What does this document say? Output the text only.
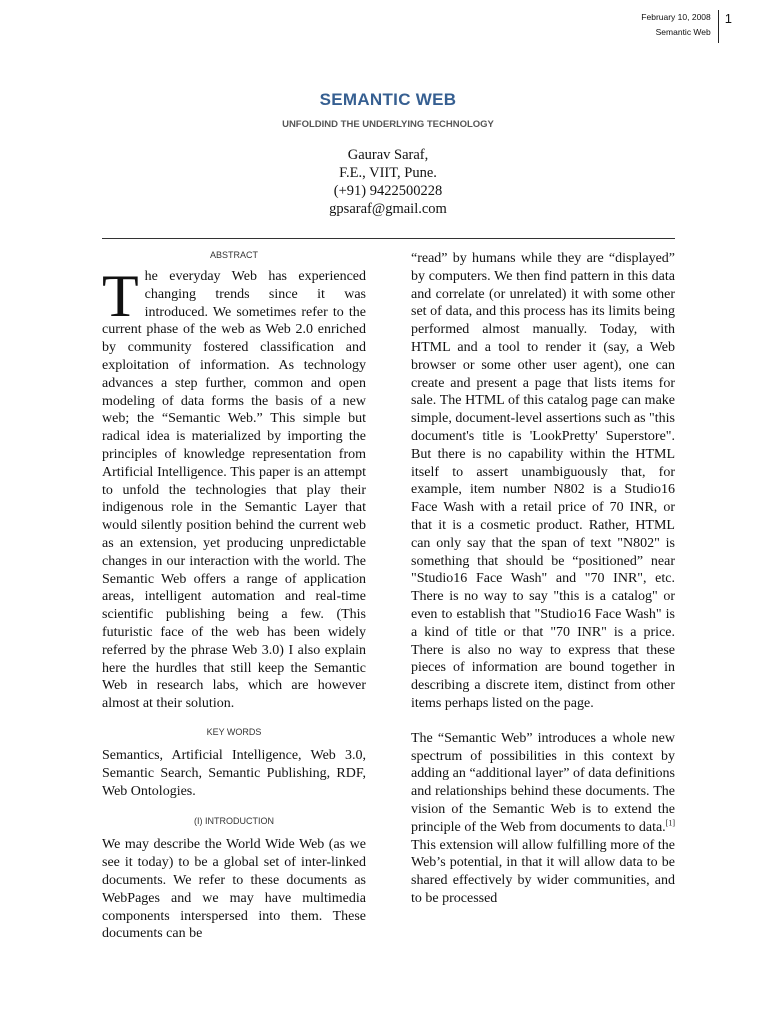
February 10, 2008
Semantic Web
1
SEMANTIC WEB
UNFOLDIND THE UNDERLYING TECHNOLOGY
Gaurav Saraf,
F.E., VIIT, Pune.
(+91) 9422500228
gpsaraf@gmail.com
ABSTRACT

The everyday Web has experienced changing trends since it was introduced. We sometimes refer to the current phase of the web as Web 2.0 enriched by community fostered classification and exploitation of information. As technology advances a step further, common and open modeling of data forms the basis of a new web; the “Semantic Web.” This simple but radical idea is materialized by importing the principles of knowledge representation from Artificial Intelligence. This paper is an attempt to unfold the technologies that play their indigenous role in the Semantic Layer that would silently position behind the current web as an extension, yet producing unpredictable changes in our interaction with the world. The Semantic Web offers a range of application areas, intelligent automation and real-time scientific publishing being a few. (This futuristic face of the web has been widely referred by the phrase Web 3.0) I also explain here the hurdles that still keep the Semantic Web in research labs, which are however almost at their solution.

KEY WORDS

Semantics, Artificial Intelligence, Web 3.0, Semantic Search, Semantic Publishing, RDF, Web Ontologies.

(I) INTRODUCTION

We may describe the World Wide Web (as we see it today) to be a global set of inter-linked documents. We refer to these documents as WebPages and we may have multimedia components interspersed into them. These documents can be

“read” by humans while they are “displayed” by computers. We then find pattern in this data and correlate (or unrelated) it with some other set of data, and this process has its limits being performed almost manually. Today, with HTML and a tool to render it (say, a Web browser or some other user agent), one can create and present a page that lists items for sale. The HTML of this catalog page can make simple, document-level assertions such as "this document's title is 'LookPretty' Superstore". But there is no capability within the HTML itself to assert unambiguously that, for example, item number N802 is a Studio16 Face Wash with a retail price of 70 INR, or that it is a cosmetic product. Rather, HTML can only say that the span of text "N802" is something that should be “positioned” near "Studio16 Face Wash" and "70 INR", etc. There is no way to say "this is a catalog" or even to establish that "Studio16 Face Wash" is a kind of title or that "70 INR" is a price. There is also no way to express that these pieces of information are bound together in describing a discrete item, distinct from other items perhaps listed on the page.

The “Semantic Web” introduces a whole new spectrum of possibilities in this context by adding an “additional layer” of data definitions and relationships behind these documents. The vision of the Semantic Web is to extend the principle of the Web from documents to data.[1] This extension will allow fulfilling more of the Web’s potential, in that it will allow data to be shared effectively by wider communities, and to be processed
